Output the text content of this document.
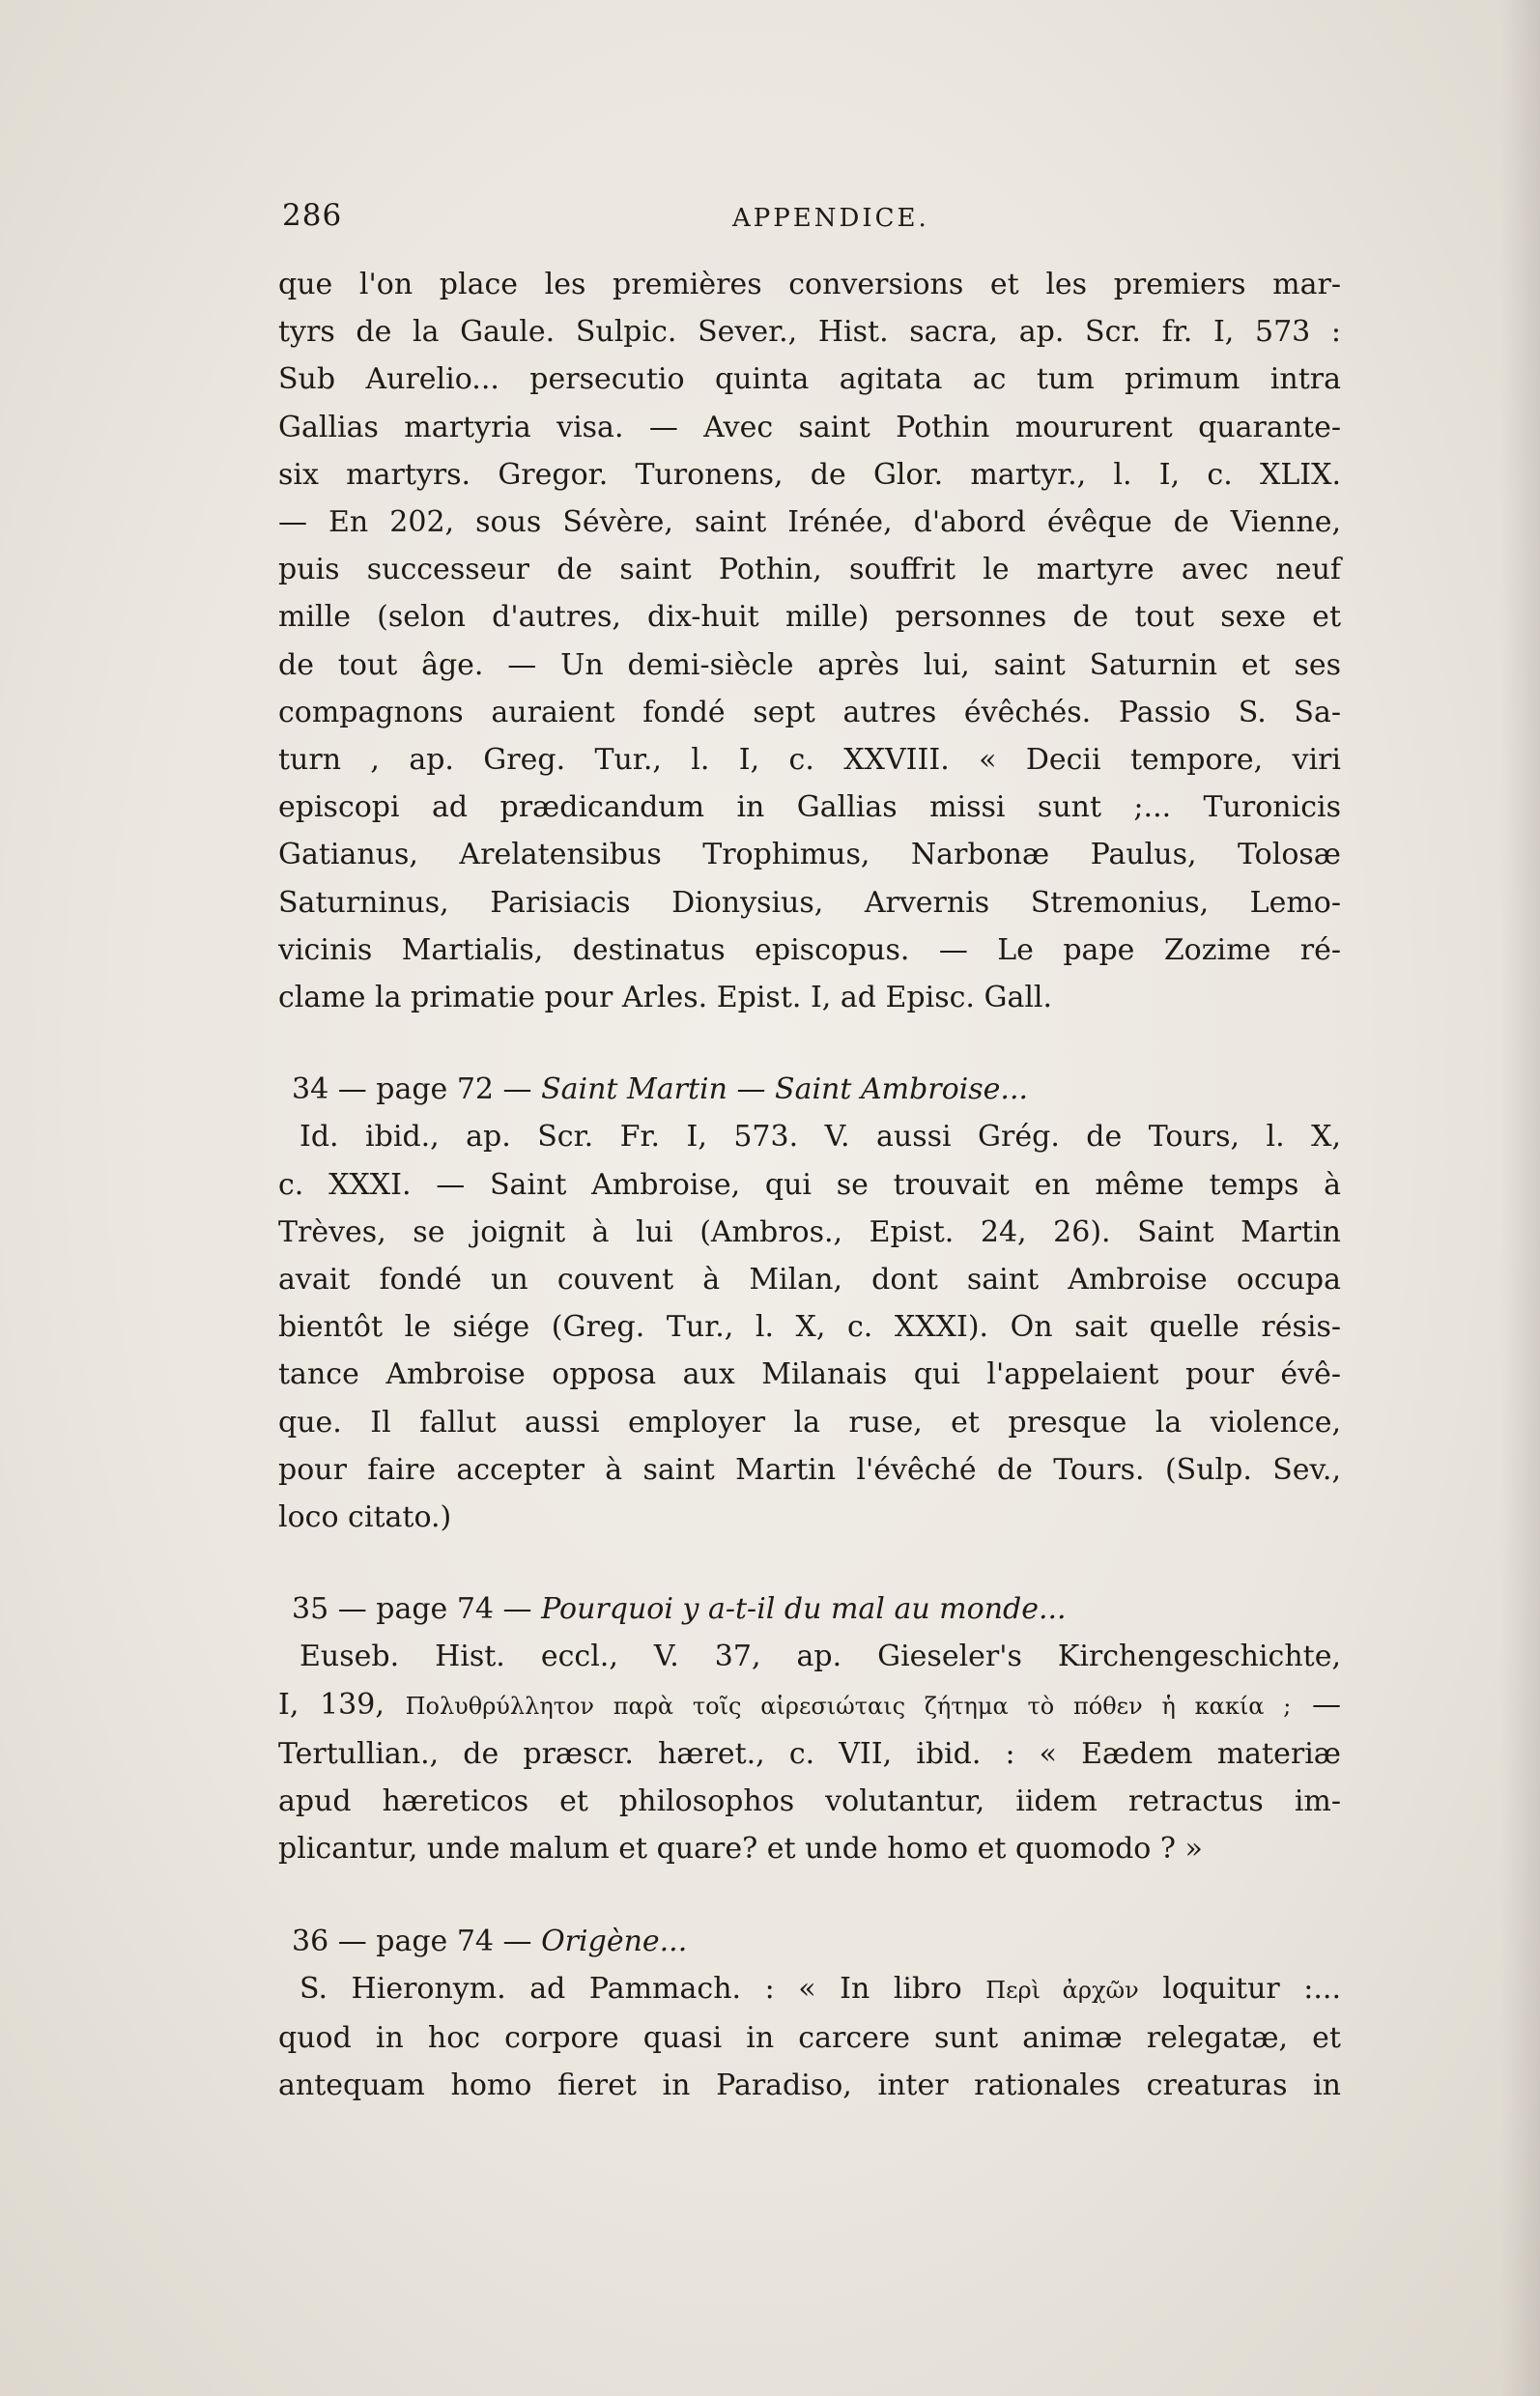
286	APPENDICE.
que l'on place les premières conversions et les premiers mar-
tyrs de la Gaule. Sulpic. Sever., Hist. sacra, ap. Scr. fr. I, 573 :
Sub Aurelio... persecutio quinta agitata ac tum primum intra
Gallias martyria visa. — Avec saint Pothin moururent quarante-
six martyrs. Gregor. Turonens, de Glor. martyr., l. I, c. XLIX.
— En 202, sous Sévère, saint Irénée, d'abord évêque de Vienne,
puis successeur de saint Pothin, souffrit le martyre avec neuf
mille (selon d'autres, dix-huit mille) personnes de tout sexe et
de tout âge. — Un demi-siècle après lui, saint Saturnin et ses
compagnons auraient fondé sept autres évêchés. Passio S. Sa-
turn , ap. Greg. Tur., l. I, c. XXVIII. « Decii tempore, viri
episcopi ad prædicandum in Gallias missi sunt ;... Turonicis
Gatianus, Arelatensibus Trophimus, Narbonæ Paulus, Tolosæ
Saturninus, Parisiacis Dionysius, Arvernis Stremonius, Lemo-
vicinis Martialis, destinatus episcopus. — Le pape Zozime ré-
clame la primatie pour Arles. Epist. I, ad Episc. Gall.
34 — page 72 — Saint Martin — Saint Ambroise...
Id. ibid., ap. Scr. Fr. I, 573. V. aussi Grég. de Tours, l. X,
c. XXXI. — Saint Ambroise, qui se trouvait en même temps à
Trèves, se joignit à lui (Ambros., Epist. 24, 26). Saint Martin
avait fondé un couvent à Milan, dont saint Ambroise occupa
bientôt le siége (Greg. Tur., l. X, c. XXXI). On sait quelle résis-
tance Ambroise opposa aux Milanais qui l'appelaient pour évê-
que. Il fallut aussi employer la ruse, et presque la violence,
pour faire accepter à saint Martin l'évêché de Tours. (Sulp. Sev.,
loco citato.)
35 — page 74 — Pourquoi y a-t-il du mal au monde...
Euseb. Hist. eccl., V. 37, ap. Gieseler's Kirchengeschichte,
I, 139, Πολυθρύλλητον παρὰ τοῖς αἱρεσιώταις ζήτημα τὸ πόθεν ἡ κακία ; —
Tertullian., de præscr. hæret., c. VII, ibid. : « Eædem materiæ
apud hæreticos et philosophos volutantur, iidem retractus im-
plicantur, unde malum et quare? et unde homo et quomodo ? »
36 — page 74 — Origène...
S. Hieronym. ad Pammach. : « In libro Περὶ ἀρχῶν loquitur :...
quod in hoc corpore quasi in carcere sunt animæ relegatæ, et
antequam homo fieret in Paradiso, inter rationales creaturas in
